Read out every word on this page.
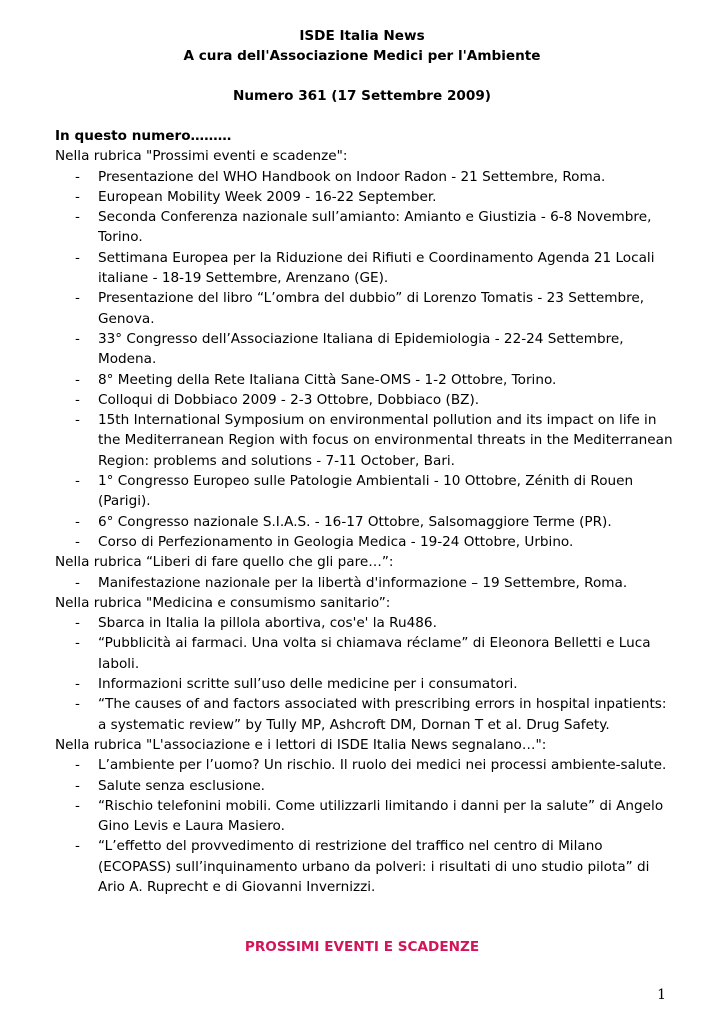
ISDE Italia News
A cura dell'Associazione Medici per l'Ambiente
Numero 361 (17 Settembre 2009)

In questo numero………

Nella rubrica "Prossimi eventi e scadenze":

- Presentazione del WHO Handbook on Indoor Radon - 21 Settembre, Roma.
- European Mobility Week 2009 - 16-22 September.
- Seconda Conferenza nazionale sull’amianto: Amianto e Giustizia - 6-8 Novembre, Torino.
- Settimana Europea per la Riduzione dei Rifiuti e Coordinamento Agenda 21 Locali italiane - 18-19 Settembre, Arenzano (GE).
- Presentazione del libro “L’ombra del dubbio” di Lorenzo Tomatis - 23 Settembre, Genova.
- 33° Congresso dell’Associazione Italiana di Epidemiologia - 22-24 Settembre, Modena.
- 8° Meeting della Rete Italiana Città Sane-OMS - 1-2 Ottobre, Torino.
- Colloqui di Dobbiaco 2009 - 2-3 Ottobre, Dobbiaco (BZ).
- 15th International Symposium on environmental pollution and its impact on life in the Mediterranean Region with focus on environmental threats in the Mediterranean Region: problems and solutions - 7-11 October, Bari.
- 1° Congresso Europeo sulle Patologie Ambientali - 10 Ottobre, Zénith di Rouen (Parigi).
- 6° Congresso nazionale S.I.A.S. - 16-17 Ottobre, Salsomaggiore Terme (PR).
- Corso di Perfezionamento in Geologia Medica - 19-24 Ottobre, Urbino.

Nella rubrica “Liberi di fare quello che gli pare…”:

- Manifestazione nazionale per la libertà d'informazione – 19 Settembre, Roma.

Nella rubrica "Medicina e consumismo sanitario”:

- Sbarca in Italia la pillola abortiva, cos'e' la Ru486.
- “Pubblicità ai farmaci. Una volta si chiamava réclame” di Eleonora Belletti e Luca Iaboli.
- Informazioni scritte sull’uso delle medicine per i consumatori.
- “The causes of and factors associated with prescribing errors in hospital inpatients: a systematic review” by Tully MP, Ashcroft DM, Dornan T et al. Drug Safety.

Nella rubrica "L'associazione e i lettori di ISDE Italia News segnalano…":

- L’ambiente per l’uomo? Un rischio. Il ruolo dei medici nei processi ambiente-salute.
- Salute senza esclusione.
- “Rischio telefonini mobili. Come utilizzarli limitando i danni per la salute” di Angelo Gino Levis e Laura Masiero.
- “L’effetto del provvedimento di restrizione del traffico nel centro di Milano (ECOPASS) sull’inquinamento urbano da polveri: i risultati di uno studio pilota” di Ario A. Ruprecht e di Giovanni Invernizzi.
PROSSIMI EVENTI E SCADENZE
1
